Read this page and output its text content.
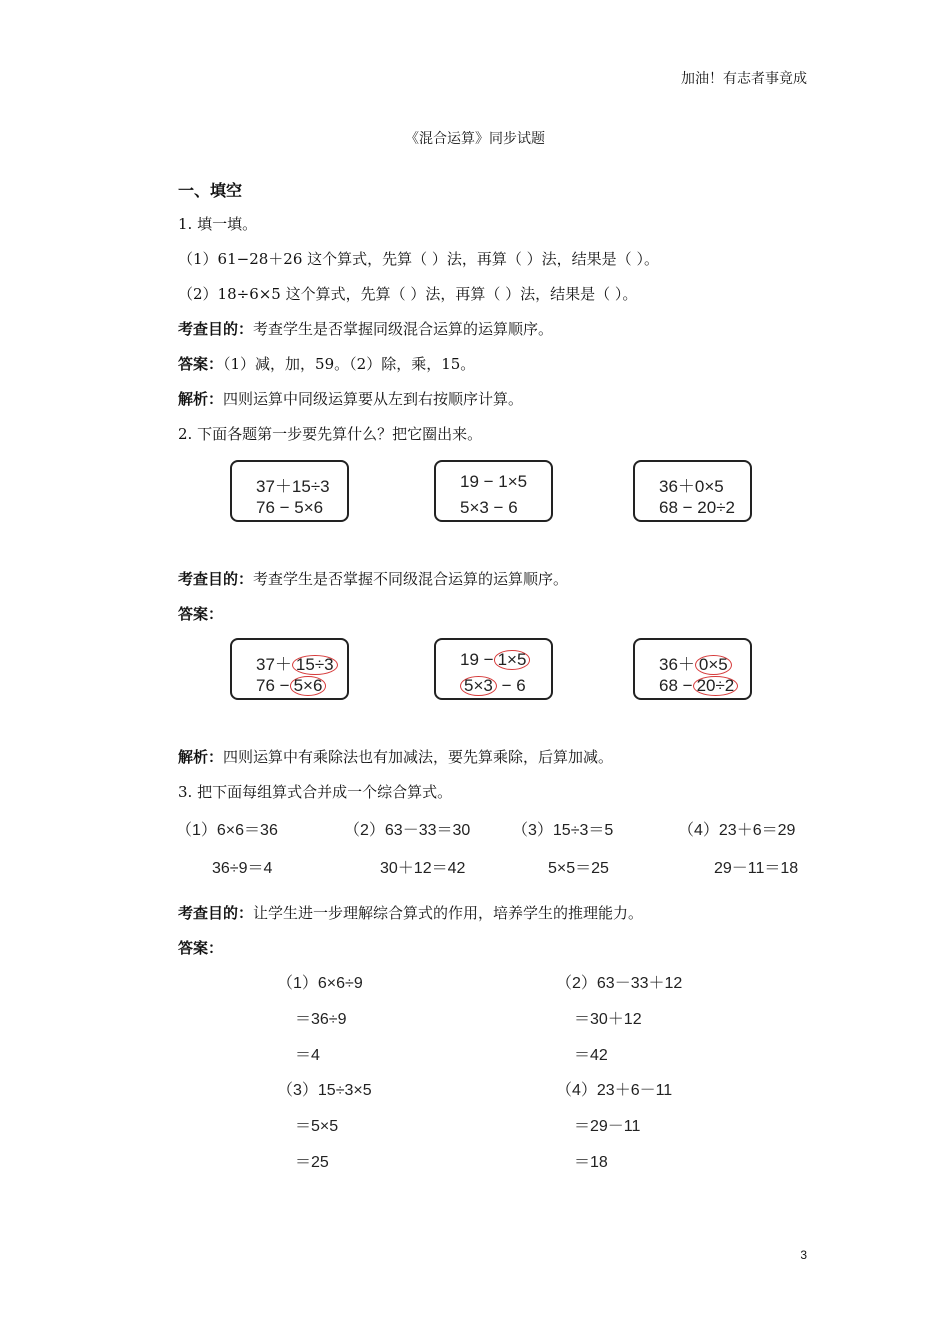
加油！有志者事竟成
《混合运算》同步试题
一、填空
1. 填一填。
（1）61−28＋26 这个算式，先算（ ）法，再算（ ）法，结果是（ ）。
（2）18÷6×5 这个算式，先算（ ）法，再算（ ）法，结果是（ ）。
考查目的：考查学生是否掌握同级混合运算的运算顺序。
答案：（1）减，加，59。（2）除，乘，15。
解析：四则运算中同级运算要从左到右按顺序计算。
2. 下面各题第一步要先算什么？把它圈出来。
37＋15÷3
76 − 5×6
19 − 1×5
5×3 − 6
36＋0×5
68 − 20÷2
考查目的：考查学生是否掌握不同级混合运算的运算顺序。
答案：
37＋ 15÷3
76 − 5×6
19 − 1×5
5×3 − 6
36＋ 0×5
68 − 20÷2
解析：四则运算中有乘除法也有加减法，要先算乘除，后算加减。
3. 把下面每组算式合并成一个综合算式。
（1）6×6＝36
36÷9＝4
（2）63－33＝30
30＋12＝42
（3）15÷3＝5
5×5＝25
（4）23＋6＝29
29－11＝18
考查目的：让学生进一步理解综合算式的作用，培养学生的推理能力。
答案：
（1）6×6÷9
＝36÷9
＝4
（2）63－33＋12
＝30＋12
＝42
（3）15÷3×5
＝5×5
＝25
（4）23＋6－11
＝29－11
＝18
3
